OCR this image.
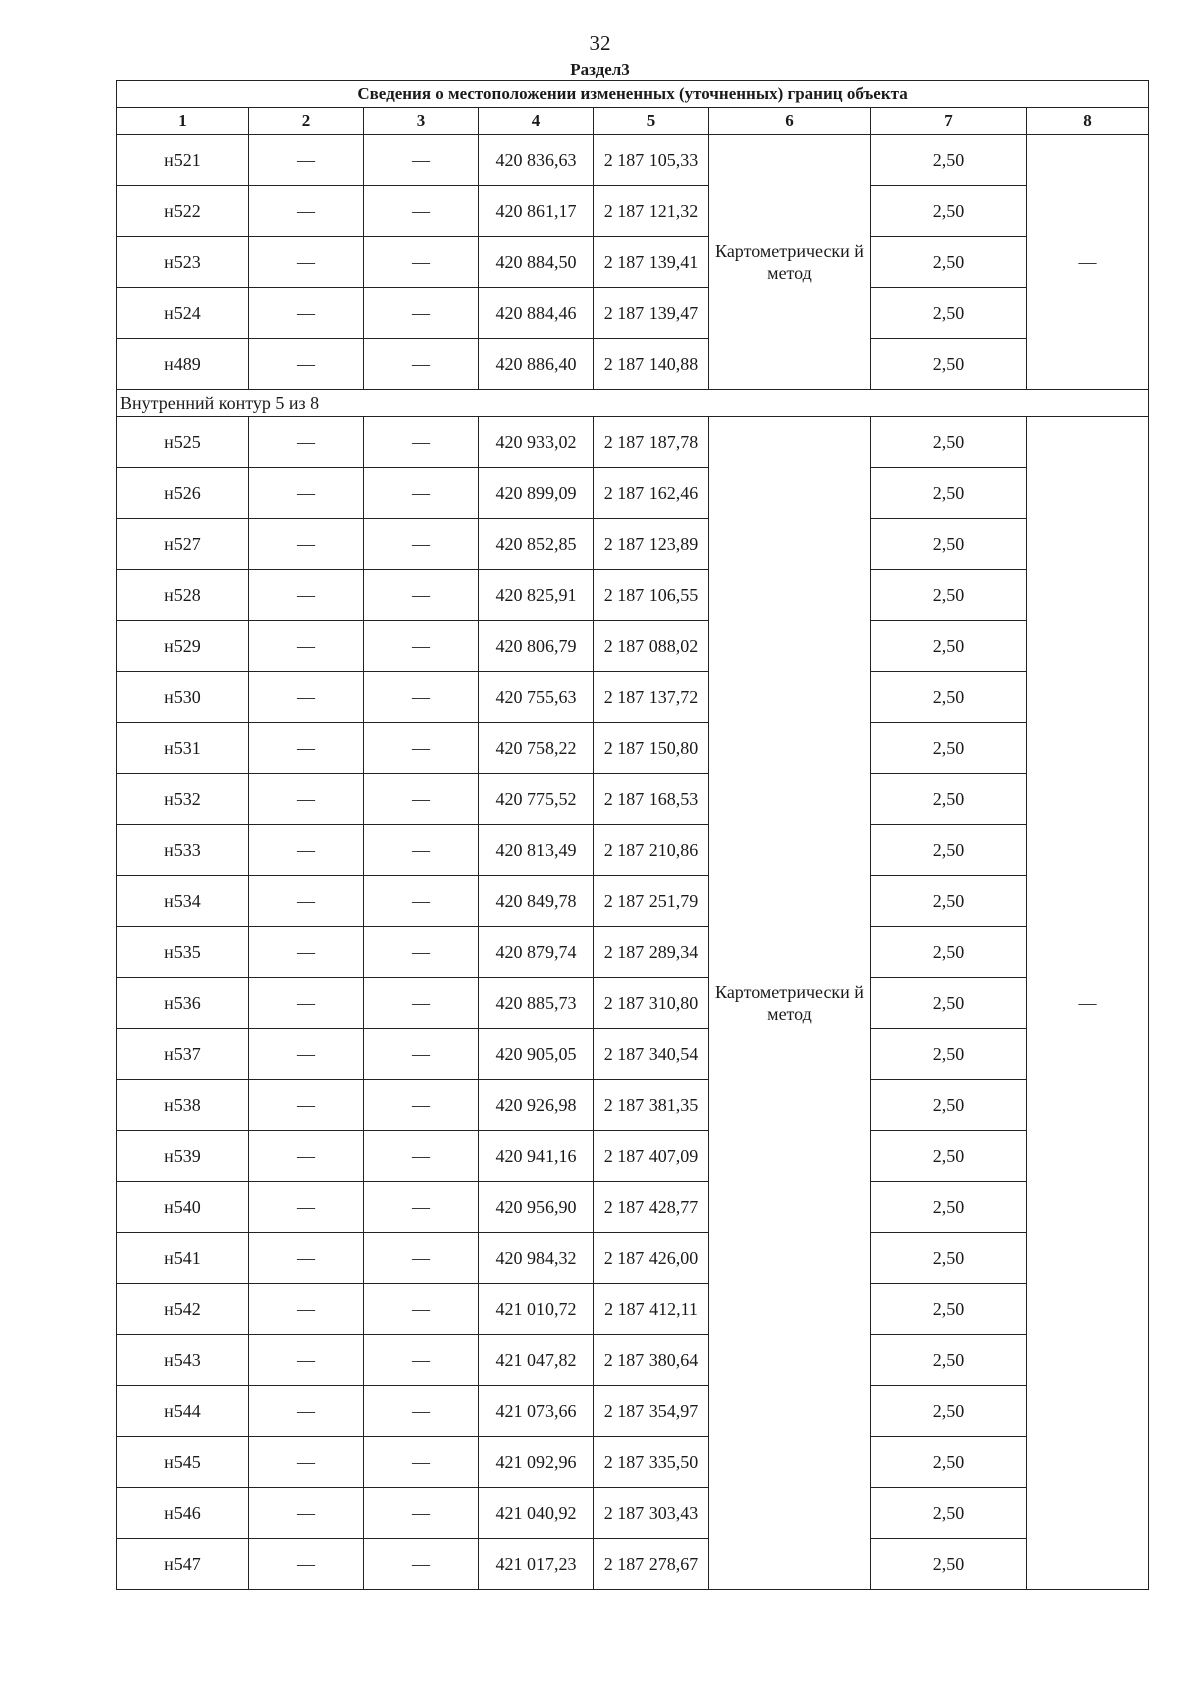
32
Раздел3
Сведения о местоположении измененных (уточненных) границ объекта							
1	2	3	4	5	6	7	8
н521	—	—	420 836,63	2 187 105,33	Картометрически й метод	2,50	—
н522	—	—	420 861,17	2 187 121,32		2,50	
н523	—	—	420 884,50	2 187 139,41		2,50	
н524	—	—	420 884,46	2 187 139,47		2,50	
н489	—	—	420 886,40	2 187 140,88		2,50	
Внутренний контур 5 из 8							
н525	—	—	420 933,02	2 187 187,78	Картометрически й метод	2,50	—
н526	—	—	420 899,09	2 187 162,46		2,50	
н527	—	—	420 852,85	2 187 123,89		2,50	
н528	—	—	420 825,91	2 187 106,55		2,50	
н529	—	—	420 806,79	2 187 088,02		2,50	
н530	—	—	420 755,63	2 187 137,72		2,50	
н531	—	—	420 758,22	2 187 150,80		2,50	
н532	—	—	420 775,52	2 187 168,53		2,50	
н533	—	—	420 813,49	2 187 210,86		2,50	
н534	—	—	420 849,78	2 187 251,79		2,50	
н535	—	—	420 879,74	2 187 289,34		2,50	
н536	—	—	420 885,73	2 187 310,80		2,50	
н537	—	—	420 905,05	2 187 340,54		2,50	
н538	—	—	420 926,98	2 187 381,35		2,50	
н539	—	—	420 941,16	2 187 407,09		2,50	
н540	—	—	420 956,90	2 187 428,77		2,50	
н541	—	—	420 984,32	2 187 426,00		2,50	
н542	—	—	421 010,72	2 187 412,11		2,50	
н543	—	—	421 047,82	2 187 380,64		2,50	
н544	—	—	421 073,66	2 187 354,97		2,50	
н545	—	—	421 092,96	2 187 335,50		2,50	
н546	—	—	421 040,92	2 187 303,43		2,50	
н547	—	—	421 017,23	2 187 278,67		2,50	
